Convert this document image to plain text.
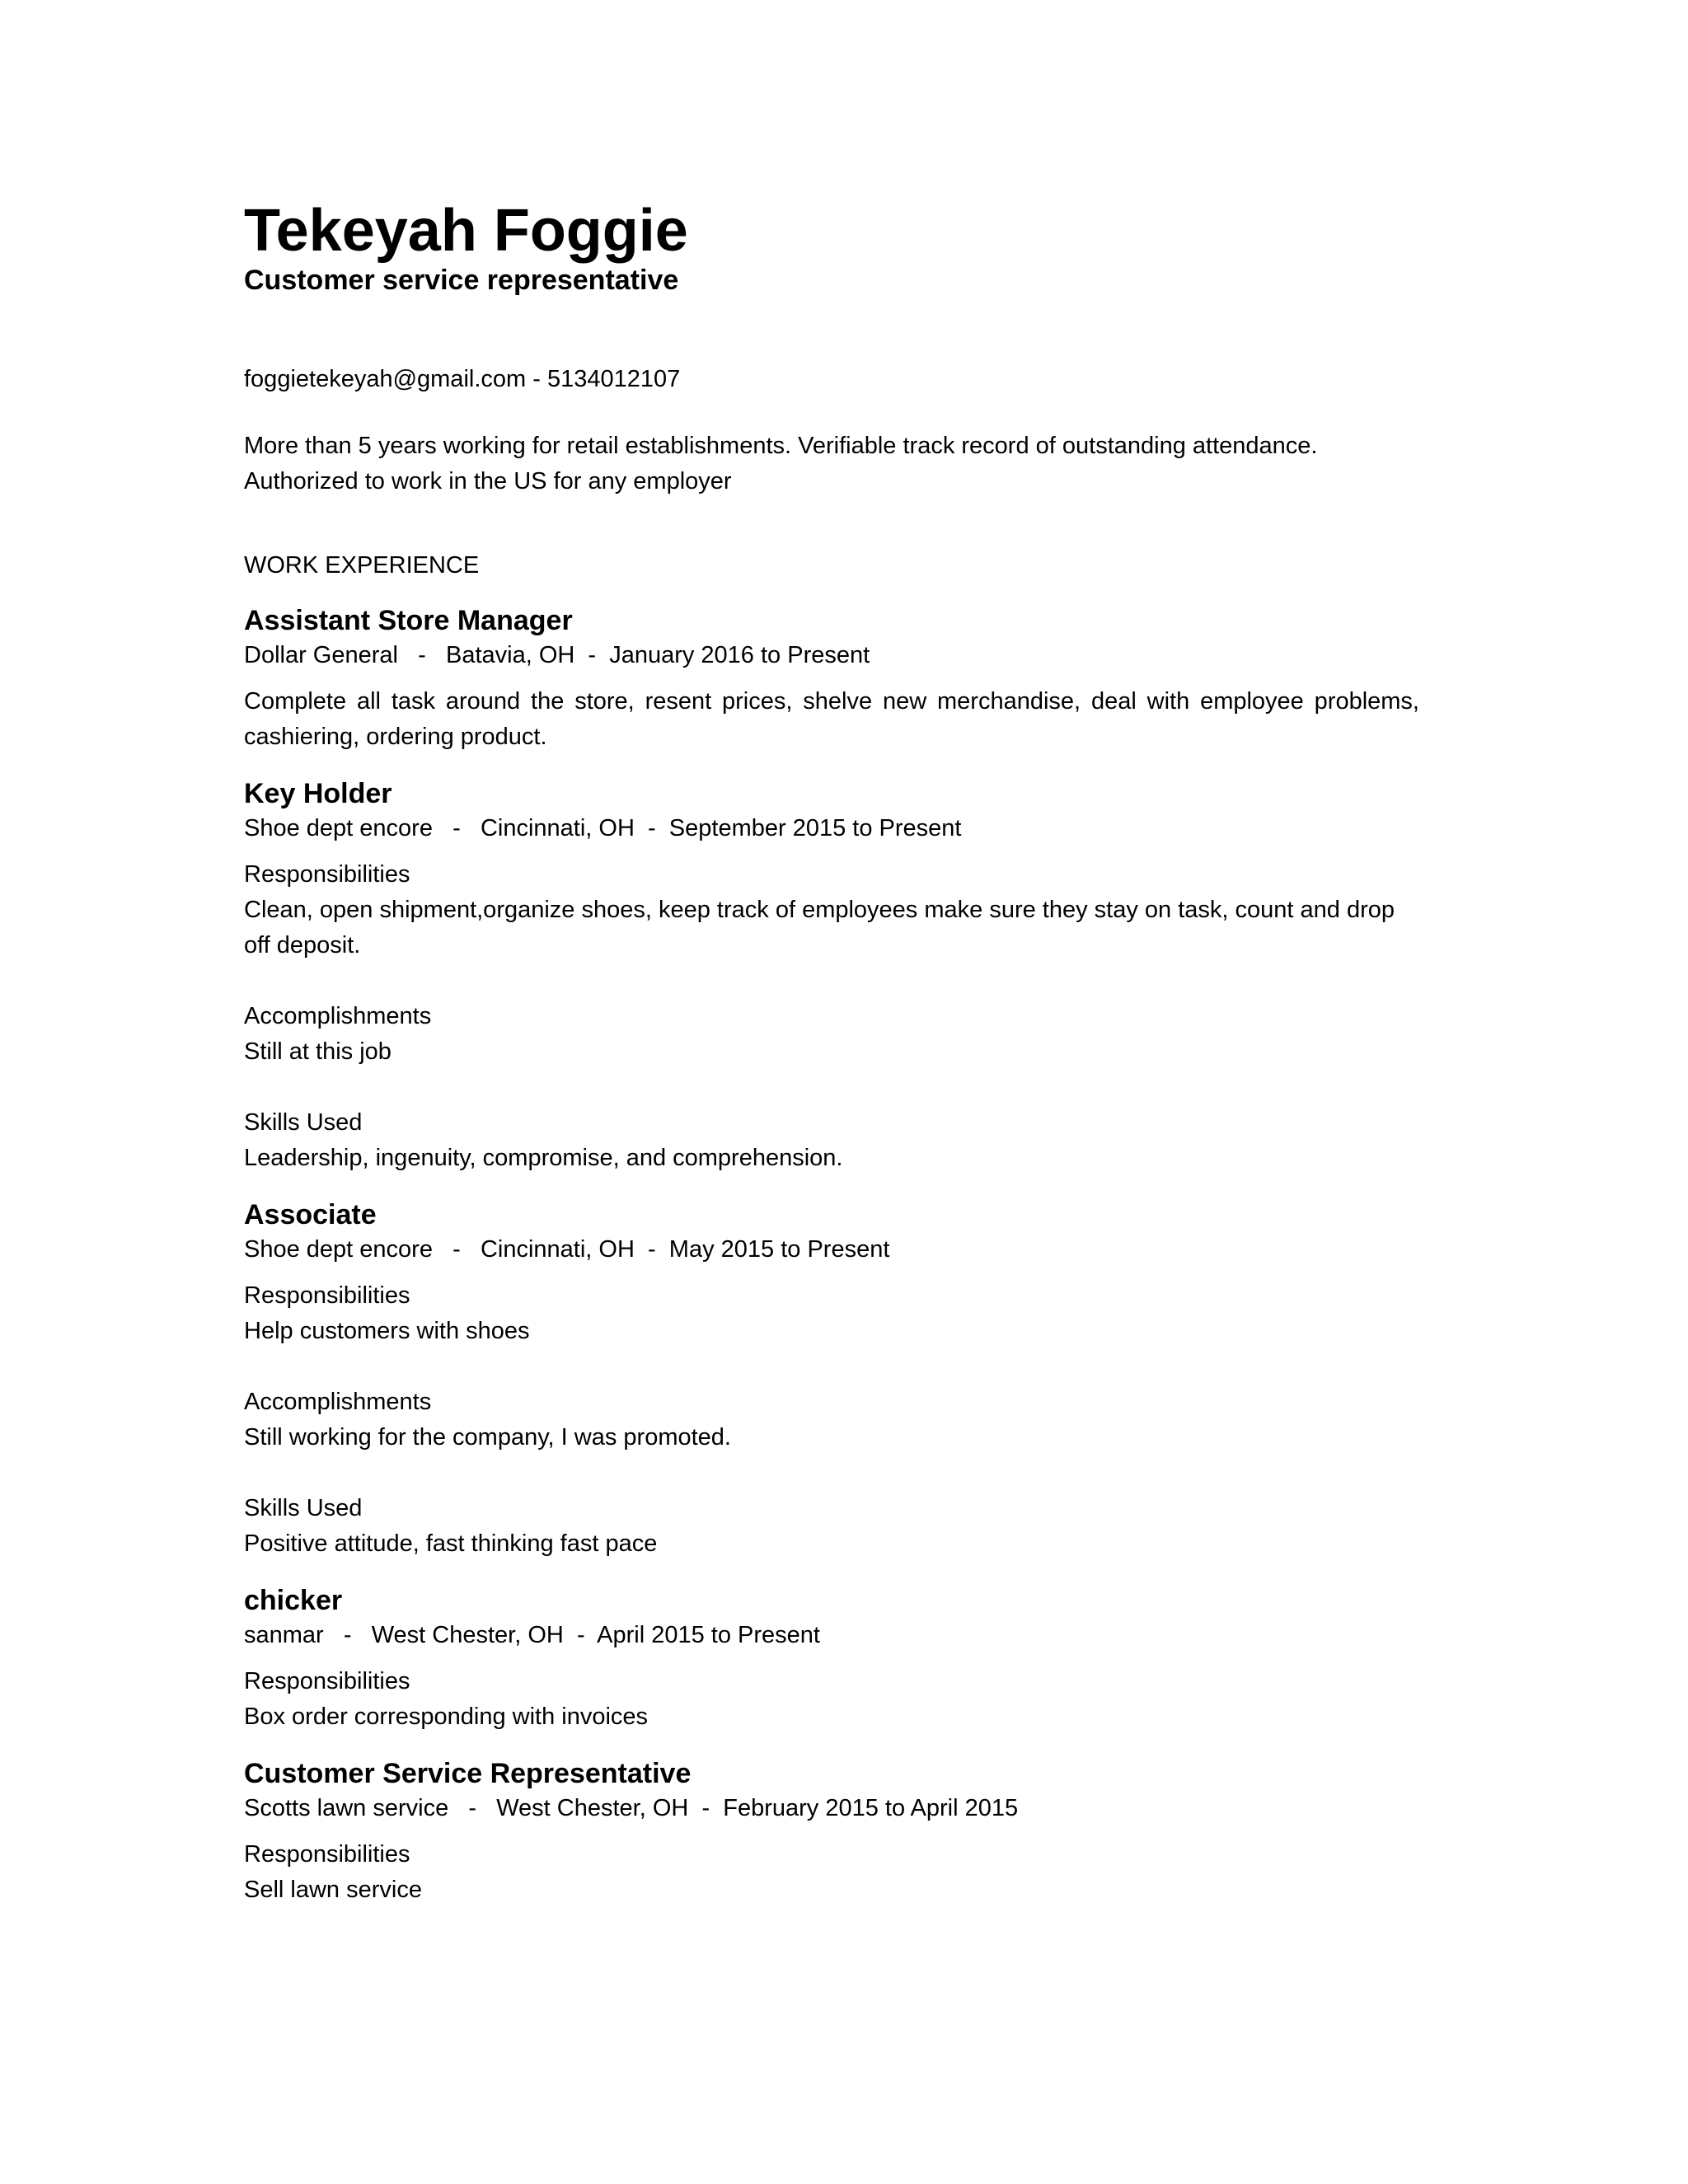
Tekeyah Foggie
Customer service representative
foggietekeyah@gmail.com - 5134012107
More than 5 years working for retail establishments. Verifiable track record of outstanding attendance.
Authorized to work in the US for any employer
WORK EXPERIENCE
Assistant Store Manager
Dollar General   -   Batavia, OH  -  January 2016 to Present
Complete all task around the store, resent prices, shelve new merchandise, deal with employee problems, cashiering, ordering product.
Key Holder
Shoe dept encore   -   Cincinnati, OH  -  September 2015 to Present
Responsibilities
Clean, open shipment,organize shoes, keep track of employees make sure they stay on task, count and drop off deposit.
Accomplishments
Still at this job
Skills Used
Leadership, ingenuity, compromise, and comprehension.
Associate
Shoe dept encore   -   Cincinnati, OH  -  May 2015 to Present
Responsibilities
Help customers with shoes
Accomplishments
Still working for the company, I was promoted.
Skills Used
Positive attitude, fast thinking fast pace
chicker
sanmar   -   West Chester, OH  -  April 2015 to Present
Responsibilities
Box order corresponding with invoices
Customer Service Representative
Scotts lawn service   -   West Chester, OH  -  February 2015 to April 2015
Responsibilities
Sell lawn service
